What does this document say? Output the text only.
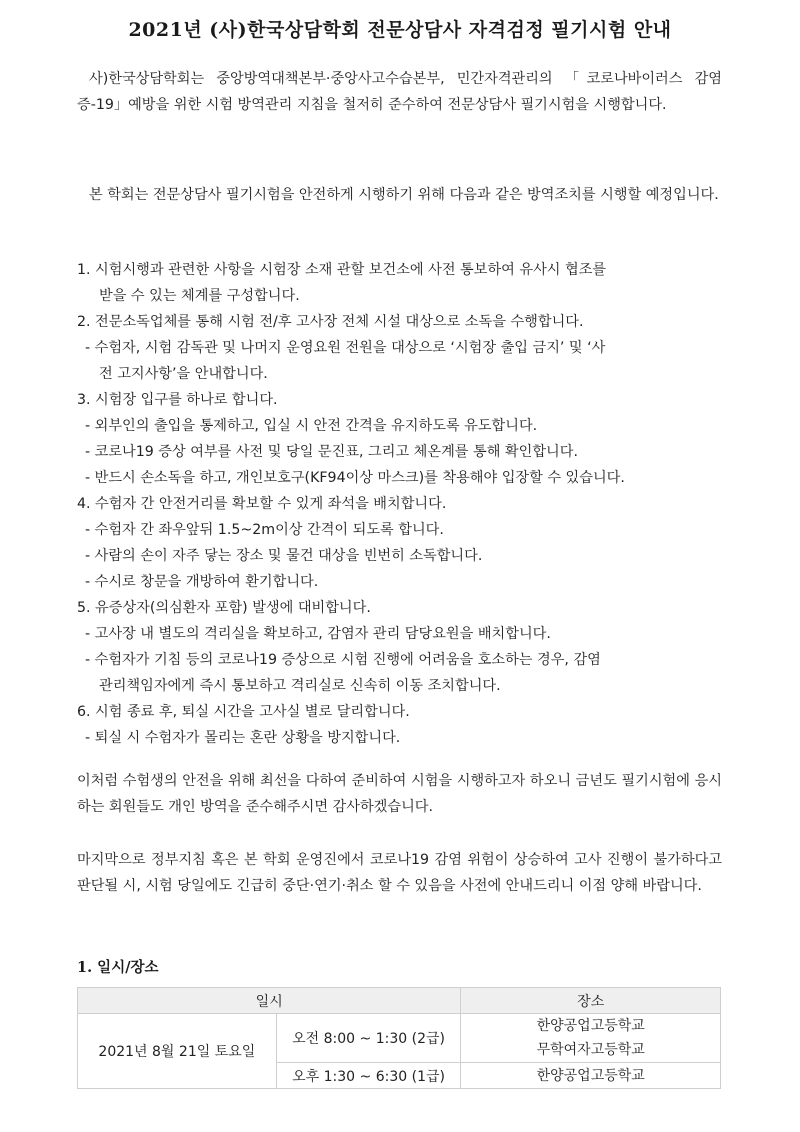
2021년 (사)한국상담학회 전문상담사 자격검정 필기시험 안내

사)한국상담학회는 중앙방역대책본부·중앙사고수습본부, 민간자격관리의 「코로나바이러스 감염증-19」예방을 위한 시험 방역관리 지침을 철저히 준수하여 전문상담사 필기시험을 시행합니다.

본 학회는 전문상담사 필기시험을 안전하게 시행하기 위해 다음과 같은 방역조치를 시행할 예정입니다.

1. 시험시행과 관련한 사항을 시험장 소재 관할 보건소에 사전 통보하여 유사시 협조를
받을 수 있는 체계를 구성합니다.
2. 전문소독업체를 통해 시험 전/후 고사장 전체 시설 대상으로 소독을 수행합니다.
- 수험자, 시험 감독관 및 나머지 운영요원 전원을 대상으로 ‘시험장 출입 금지’ 및 ‘사
전 고지사항’을 안내합니다.
3. 시험장 입구를 하나로 합니다.
- 외부인의 출입을 통제하고, 입실 시 안전 간격을 유지하도록 유도합니다.
- 코로나19 증상 여부를 사전 및 당일 문진표, 그리고 체온계를 통해 확인합니다.
- 반드시 손소독을 하고, 개인보호구(KF94이상 마스크)를 착용해야 입장할 수 있습니다.
4. 수험자 간 안전거리를 확보할 수 있게 좌석을 배치합니다.
- 수험자 간 좌우앞뒤 1.5~2m이상 간격이 되도록 합니다.
- 사람의 손이 자주 닿는 장소 및 물건 대상을 빈번히 소독합니다.
- 수시로 창문을 개방하여 환기합니다.
5. 유증상자(의심환자 포함) 발생에 대비합니다.
- 고사장 내 별도의 격리실을 확보하고, 감염자 관리 담당요원을 배치합니다.
- 수험자가 기침 등의 코로나19 증상으로 시험 진행에 어려움을 호소하는 경우, 감염
관리책임자에게 즉시 통보하고 격리실로 신속히 이동 조치합니다.
6. 시험 종료 후, 퇴실 시간을 고사실 별로 달리합니다.
- 퇴실 시 수험자가 몰리는 혼란 상황을 방지합니다.

이처럼 수험생의 안전을 위해 최선을 다하여 준비하여 시험을 시행하고자 하오니 금년도 필기시험에 응시하는 회원들도 개인 방역을 준수해주시면 감사하겠습니다.

마지막으로 정부지침 혹은 본 학회 운영진에서 코로나19 감염 위험이 상승하여 고사 진행이 불가하다고 판단될 시, 시험 당일에도 긴급히 중단·연기·취소 할 수 있음을 사전에 안내드리니 이점 양해 바랍니다.

1. 일시/장소
일시		장소
2021년 8월 21일 토요일	오전 8:00 ~ 1:30 (2급)	한양공업고등학교
무학여자고등학교

	오후 1:30 ~ 6:30 (1급)	한양공업고등학교
